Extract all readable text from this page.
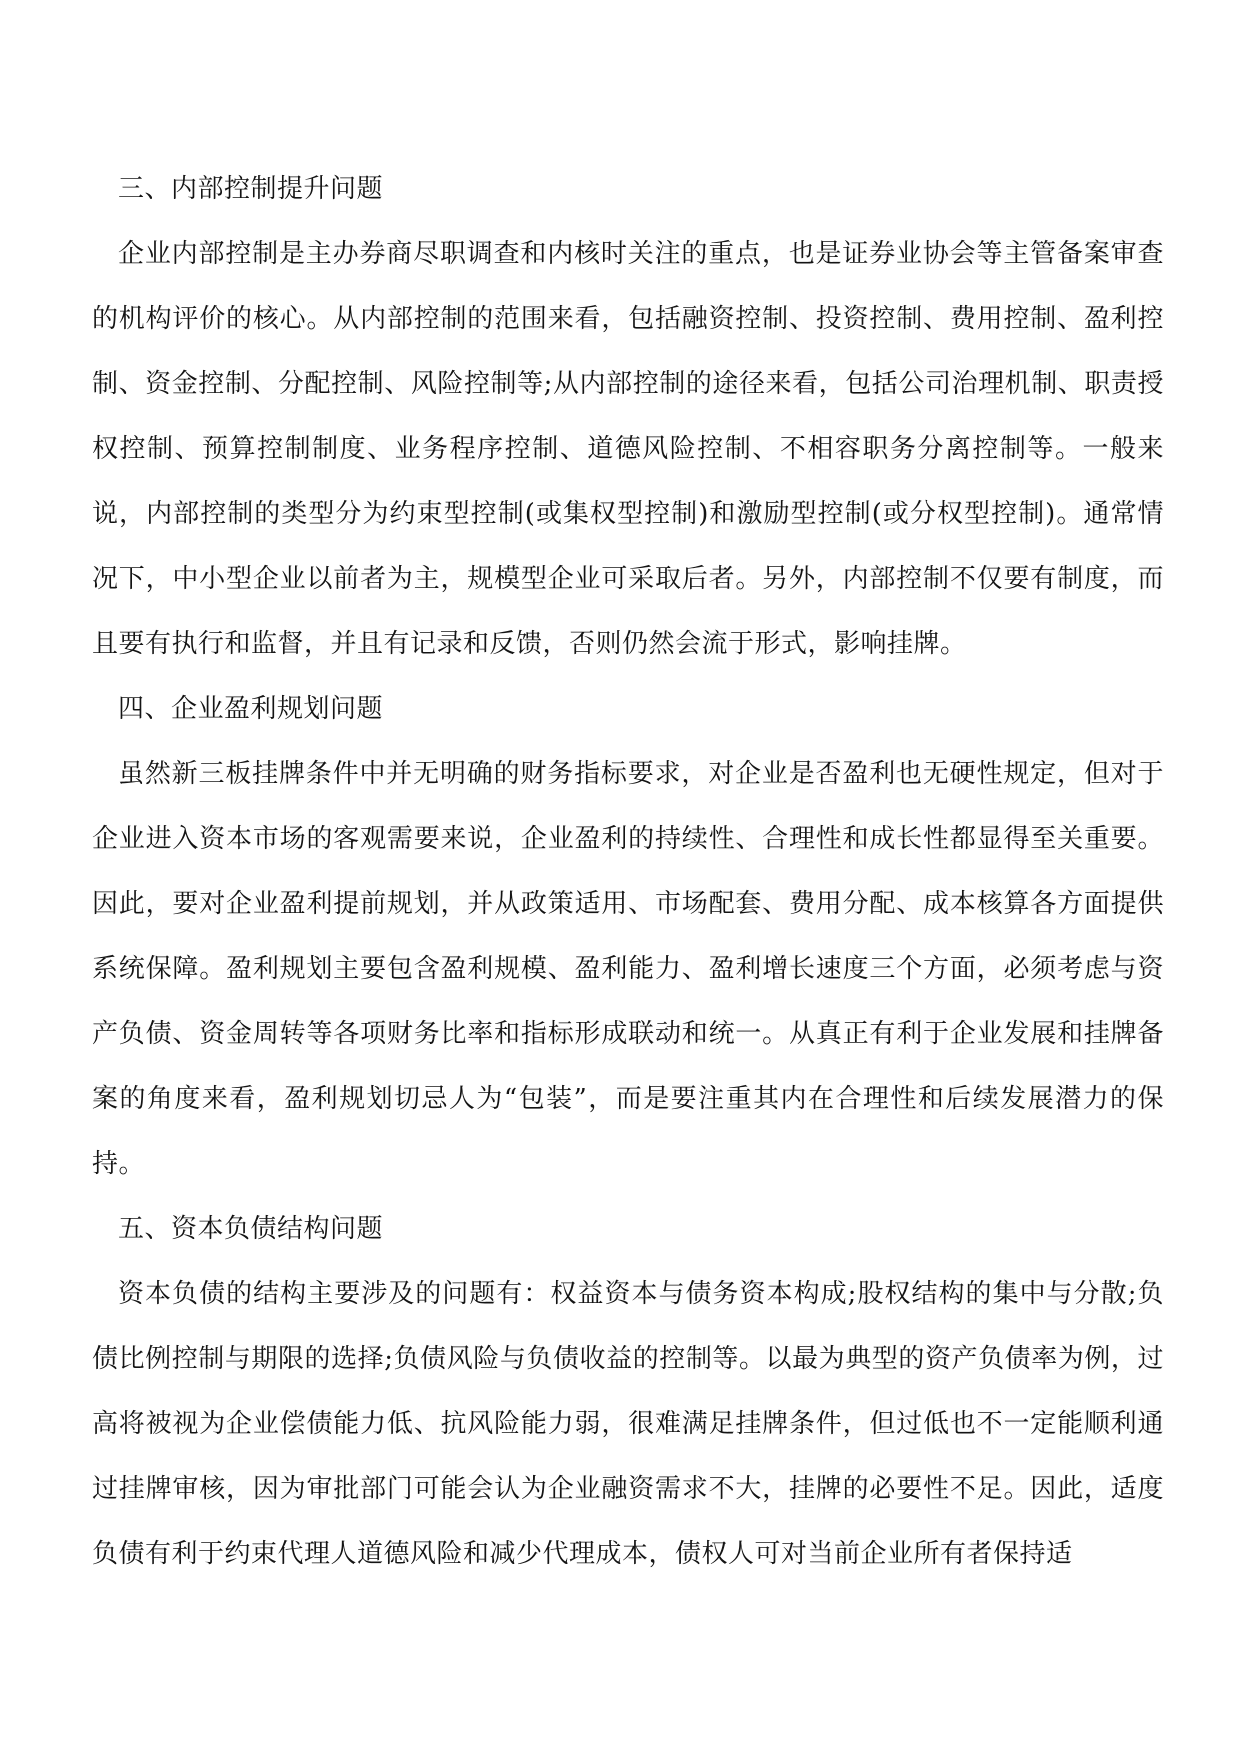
三、内部控制提升问题

企业内部控制是主办券商尽职调查和内核时关注的重点，也是证券业协会等主管备案审查的机构评价的核心。从内部控制的范围来看，包括融资控制、投资控制、费用控制、盈利控制、资金控制、分配控制、风险控制等;从内部控制的途径来看，包括公司治理机制、职责授权控制、预算控制制度、业务程序控制、道德风险控制、不相容职务分离控制等。一般来说，内部控制的类型分为约束型控制(或集权型控制)和激励型控制(或分权型控制)。通常情况下，中小型企业以前者为主，规模型企业可采取后者。另外，内部控制不仅要有制度，而且要有执行和监督，并且有记录和反馈，否则仍然会流于形式，影响挂牌。

四、企业盈利规划问题

虽然新三板挂牌条件中并无明确的财务指标要求，对企业是否盈利也无硬性规定，但对于企业进入资本市场的客观需要来说，企业盈利的持续性、合理性和成长性都显得至关重要。因此，要对企业盈利提前规划，并从政策适用、市场配套、费用分配、成本核算各方面提供系统保障。盈利规划主要包含盈利规模、盈利能力、盈利增长速度三个方面，必须考虑与资产负债、资金周转等各项财务比率和指标形成联动和统一。从真正有利于企业发展和挂牌备案的角度来看，盈利规划切忌人为“包装”，而是要注重其内在合理性和后续发展潜力的保持。

五、资本负债结构问题

资本负债的结构主要涉及的问题有：权益资本与债务资本构成;股权结构的集中与分散;负债比例控制与期限的选择;负债风险与负债收益的控制等。以最为典型的资产负债率为例，过高将被视为企业偿债能力低、抗风险能力弱，很难满足挂牌条件，但过低也不一定能顺利通过挂牌审核，因为审批部门可能会认为企业融资需求不大，挂牌的必要性不足。因此，适度负债有利于约束代理人道德风险和减少代理成本，债权人可对当前企业所有者保持适
